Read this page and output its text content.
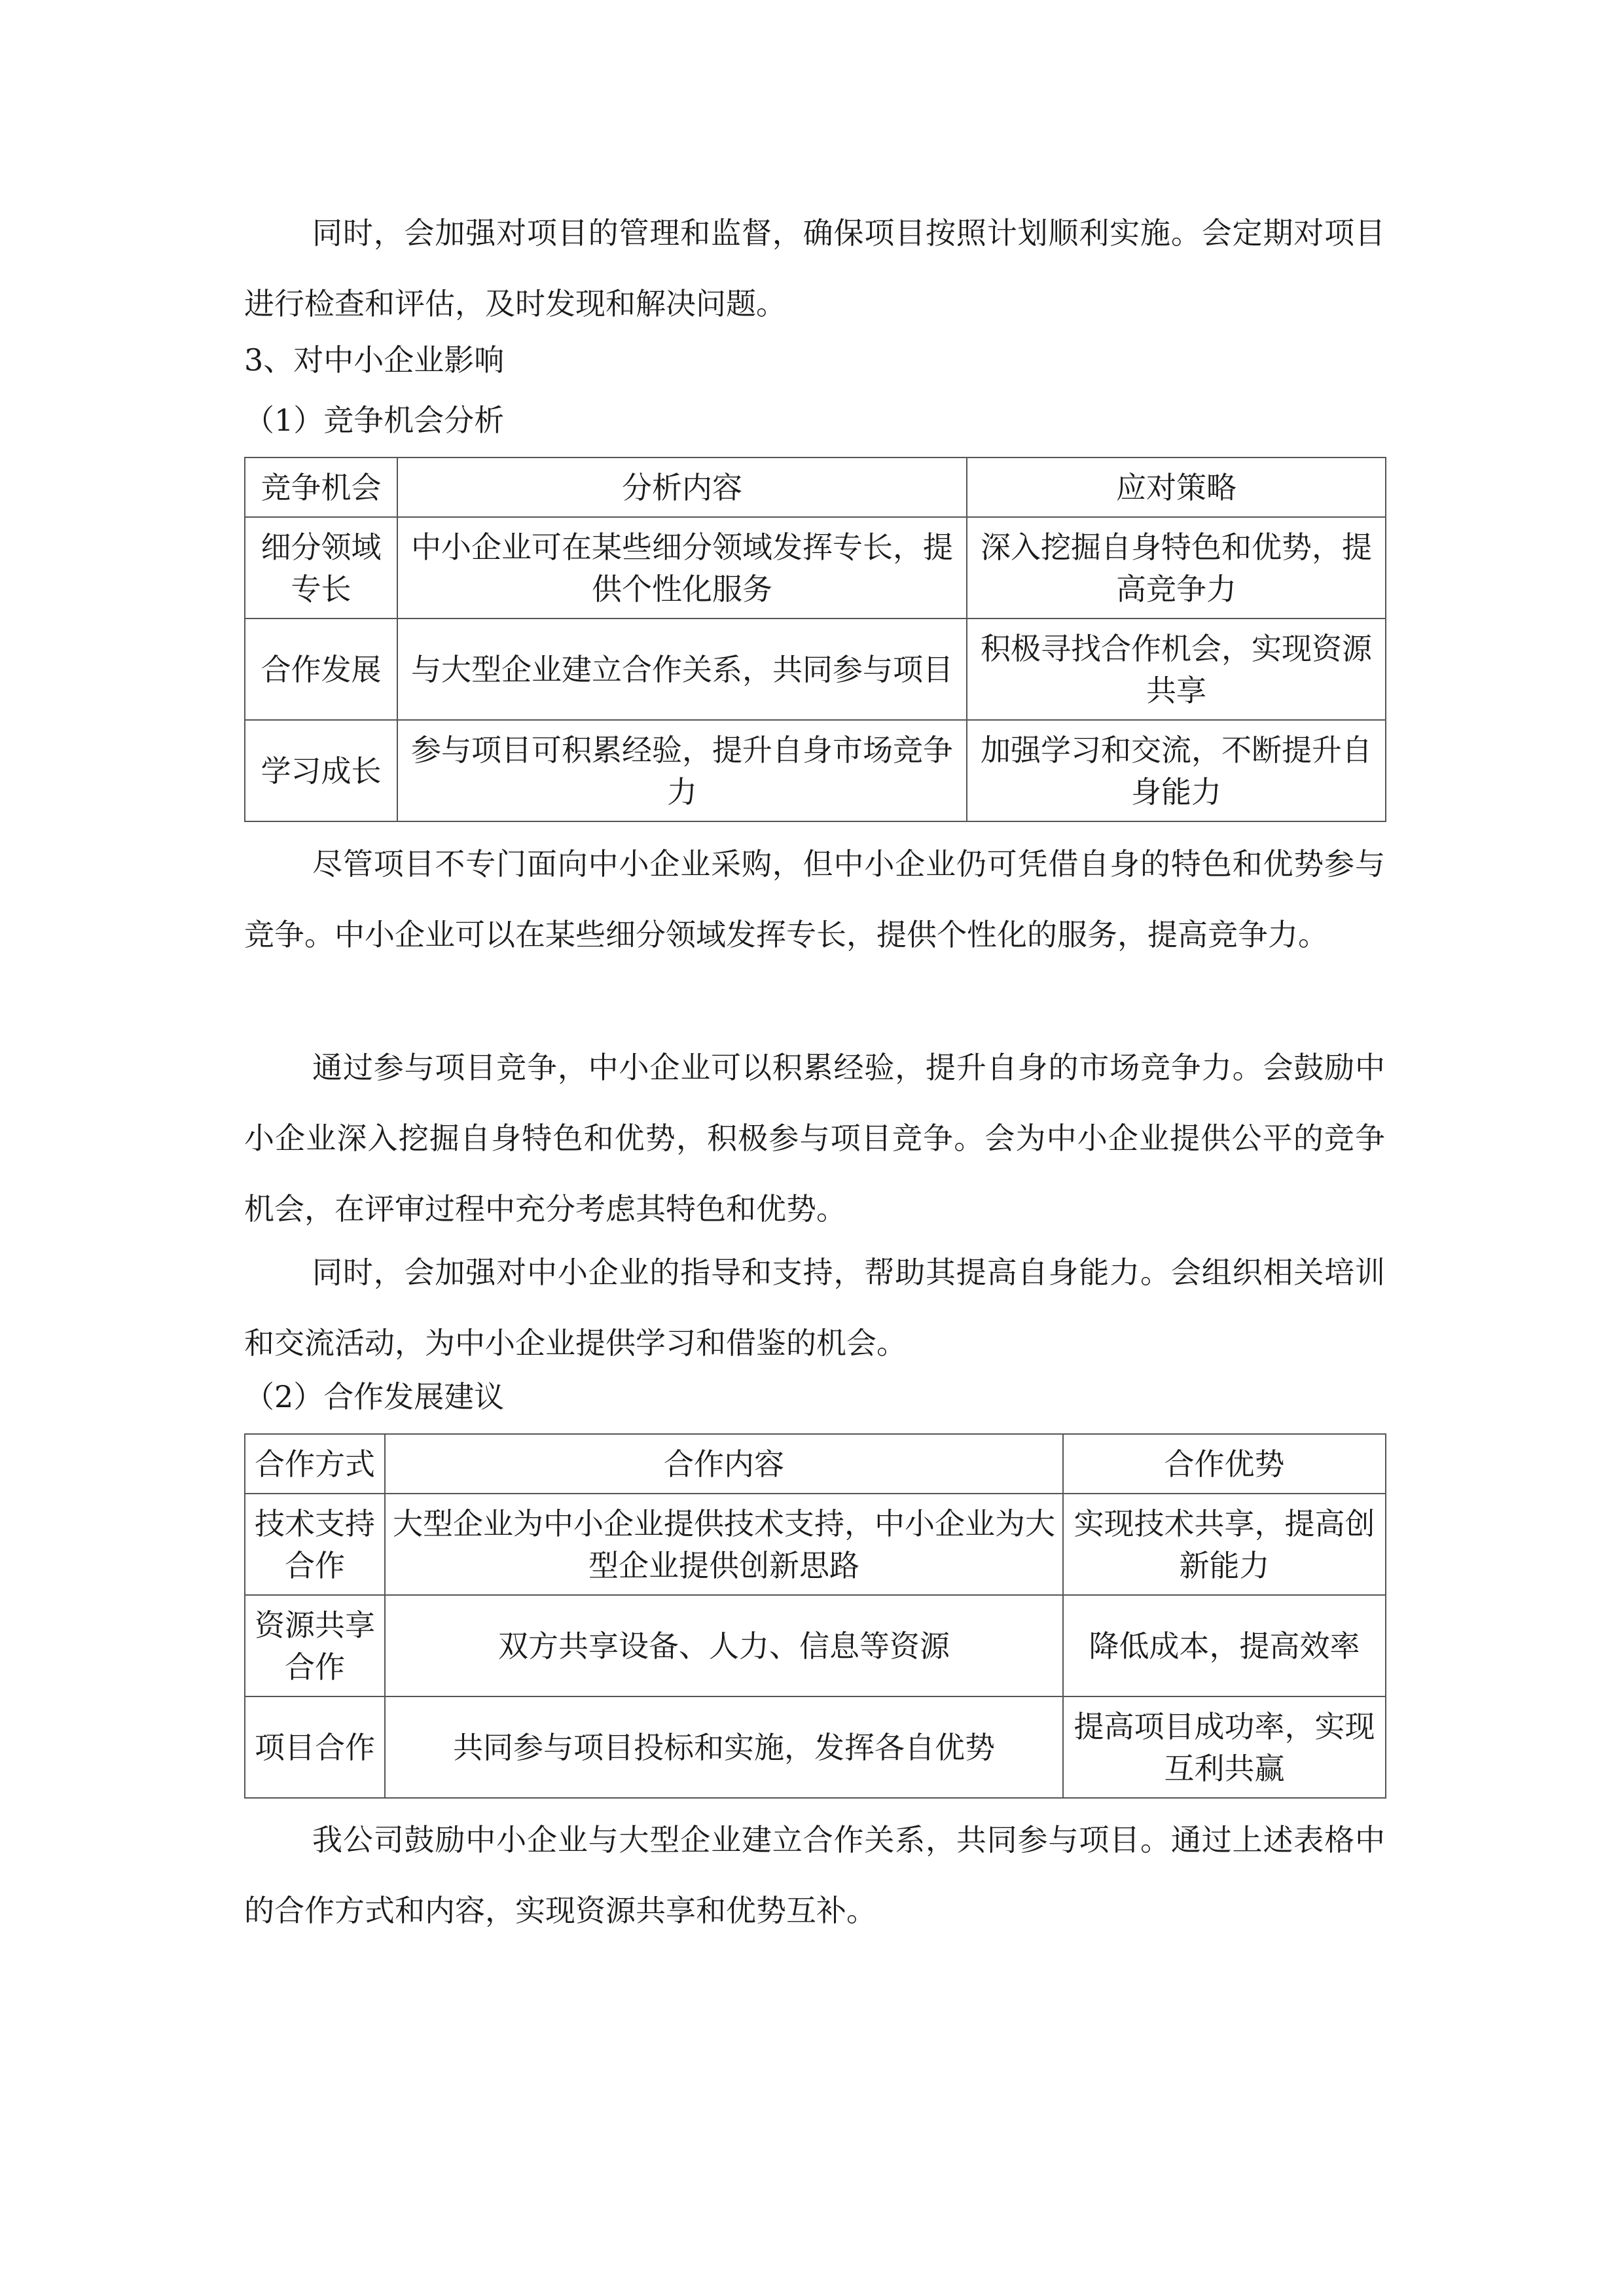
同时，会加强对项目的管理和监督，确保项目按照计划顺利实施。会定期对项目进行检查和评估，及时发现和解决问题。

3、对中小企业影响

（1）竞争机会分析

竞争机会	分析内容	应对策略
细分领域专长	中小企业可在某些细分领域发挥专长，提供个性化服务	深入挖掘自身特色和优势，提高竞争力
合作发展	与大型企业建立合作关系，共同参与项目	积极寻找合作机会，实现资源共享
学习成长	参与项目可积累经验，提升自身市场竞争力	加强学习和交流，不断提升自身能力

尽管项目不专门面向中小企业采购，但中小企业仍可凭借自身的特色和优势参与竞争。中小企业可以在某些细分领域发挥专长，提供个性化的服务，提高竞争力。

通过参与项目竞争，中小企业可以积累经验，提升自身的市场竞争力。会鼓励中小企业深入挖掘自身特色和优势，积极参与项目竞争。会为中小企业提供公平的竞争机会，在评审过程中充分考虑其特色和优势。

同时，会加强对中小企业的指导和支持，帮助其提高自身能力。会组织相关培训和交流活动，为中小企业提供学习和借鉴的机会。

（2）合作发展建议

合作方式	合作内容	合作优势
技术支持合作	大型企业为中小企业提供技术支持，中小企业为大型企业提供创新思路	实现技术共享，提高创新能力
资源共享合作	双方共享设备、人力、信息等资源	降低成本，提高效率
项目合作	共同参与项目投标和实施，发挥各自优势	提高项目成功率，实现互利共赢

我公司鼓励中小企业与大型企业建立合作关系，共同参与项目。通过上述表格中的合作方式和内容，实现资源共享和优势互补。
